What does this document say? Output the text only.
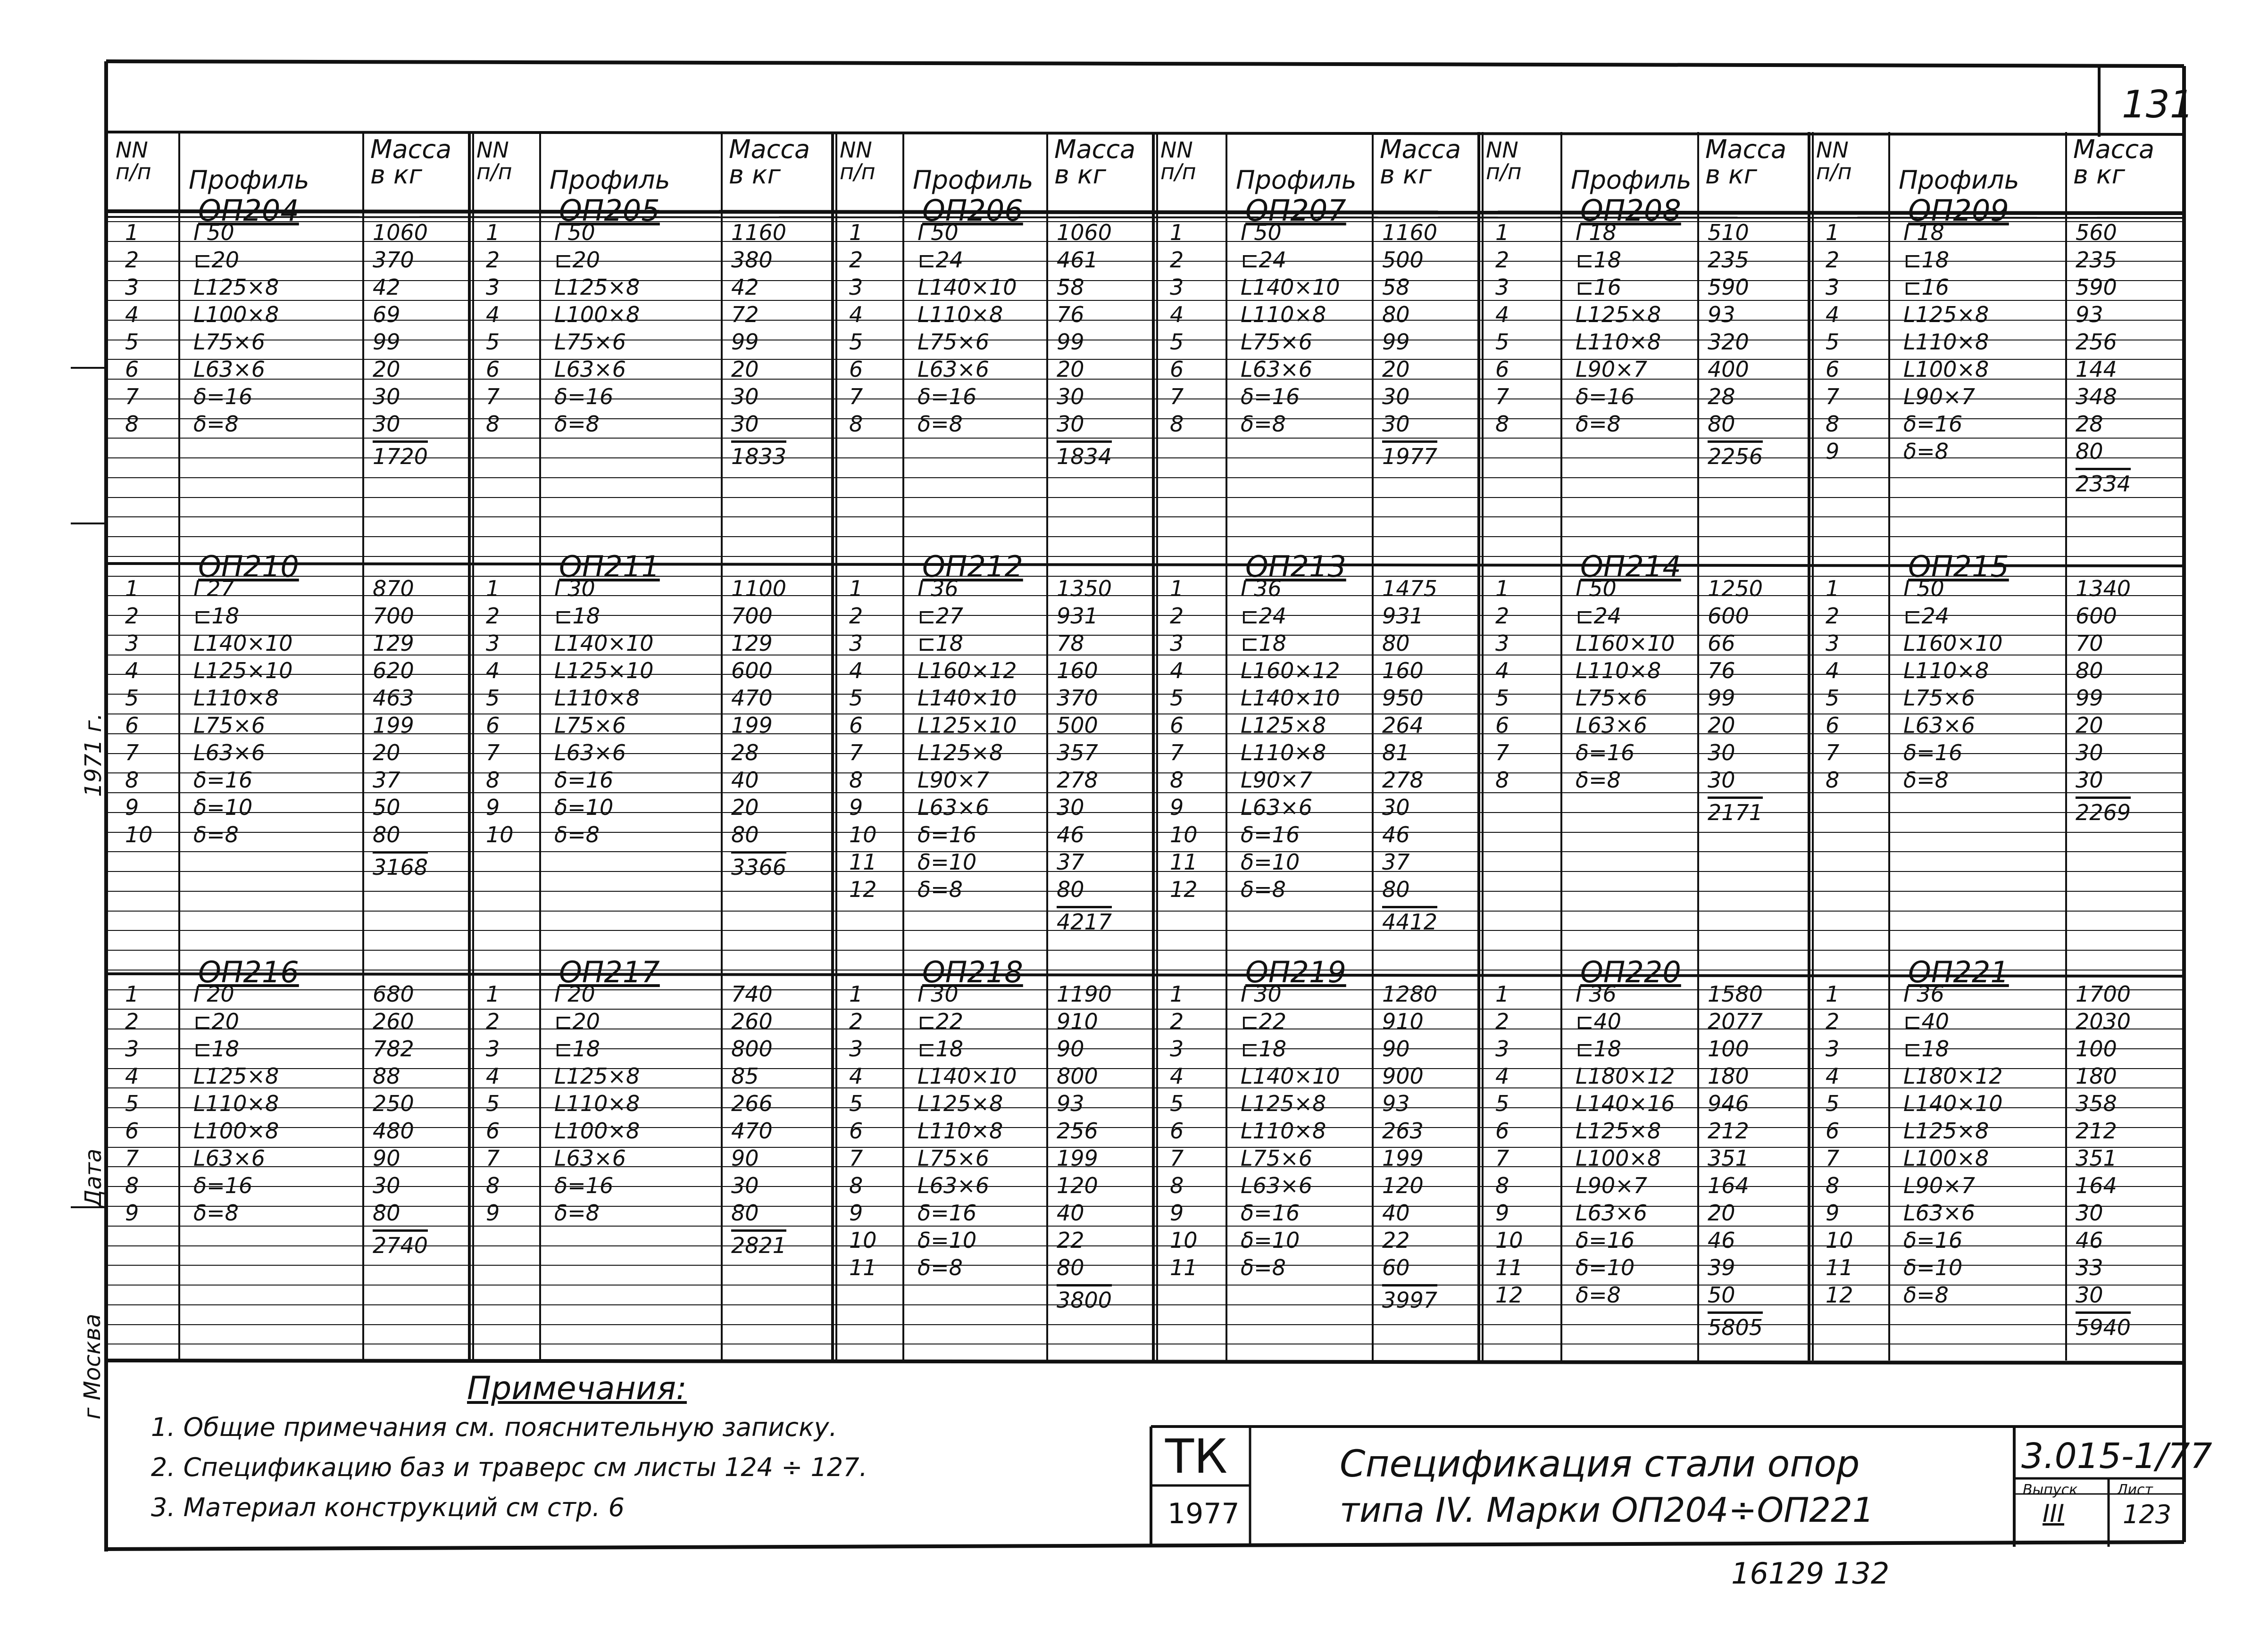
131
NN п/п	Профиль
Масса в кг
NN п/п	Профиль
Масса в кг
NN п/п	Профиль
Масса в кг
NN п/п	Профиль
Масса в кг
NN п/п	Профиль
Масса в кг
NN п/п	Профиль
Масса в кг
ОП204
1	I 50	1060
2	⊏20	370
3	L125×8	42
4	L100×8	69
5	L75×6	99
6	L63×6	20
7	δ=16	30
8	δ=8	30
1720
ОП205
1	I 50	1160
2	⊏20	380
3	L125×8	42
4	L100×8	72
5	L75×6	99
6	L63×6	20
7	δ=16	30
8	δ=8	30
1833
ОП206
1	I 50	1060
2	⊏24	461
3	L140×10 58
4	L110×8 76
5	L75×6	99
6	L63×6	20
7	δ=16	30
8	δ=8	30
1834
ОП207
1	I 50	1160
2	⊏24	500
3	L140×10 58
4	L110×8	80
5	L75×6	99
6	L63×6	20
7	δ=16	30
8	δ=8	30
1977
ОП208
1	I 18	510
2	⊏18	235
3	⊏16	590
4	L125×8 93
5	L110×8 320
6	L90×7	400
7	δ=16	28
8	δ=8	80
2256
ОП209
1	I 18	560
2	⊏18	235
3	⊏16	590
4	L125×8	93
5	L110×8	256
6	L100×8	144
7	L90×7	348
8	δ=16	28
9	δ=8	80
2334
ОП210
1	I 27	870
2	⊏18	700
3	L140×10	129
4	L125×10	620
5	L110×8	463
6	L75×6	199
7	L63×6	20
8	δ=16	37
9	δ=10	50
10 δ=8	80
3168
ОП211
1	I 30	1100
2	⊏18	700
3	L140×10	129
4	L125×10	600
5	L110×8	470
6	L75×6	199
7	L63×6	28
8	δ=16	40
9	δ=10	20
10 δ=8	80
3366
ОП212
1	I 36	1350
2	⊏27	931
3	⊏18	78
4	L160×12 160
5	L140×10 370
6	L125×10 500
7	L125×8 357
8	L90×7	278
9	L63×6	30
10 δ=16	46
11 δ=10	37
12 δ=8	80
4217
ОП213
1	I 36	1475
2	⊏24	931
3	⊏18	80
4	L160×12 160
5	L140×10 950
6	L125×8	264
7	L110×8	81
8	L90×7	278
9	L63×6	30
10 δ=16	46
11 δ=10	37
12 δ=8	80
4412
ОП214
1	I 50	1250
2	⊏24	600
3	L160×10 66
4	L110×8 76
5	L75×6	99
6	L63×6	20
7	δ=16	30
8	δ=8	30
2171
ОП215
1	I 50	1340
2	⊏24	600
3	L160×10	70
4	L110×8	80
5	L75×6	99
6	L63×6	20
7	δ=16	30
8	δ=8	30
2269
ОП216
1	I 20	680
2	⊏20	260
3	⊏18	782
4	L125×8	88
5	L110×8	250
6	L100×8	480
7	L63×6	90
8	δ=16	30
9	δ=8	80
2740
ОП217
1	I 20	740
2	⊏20	260
3	⊏18	800
4	L125×8	85
5	L110×8	266
6	L100×8	470
7	L63×6	90
8	δ=16	30
9	δ=8	80
2821
ОП218
1	I 30	1190
2	⊏22	910
3	⊏18	90
4	L140×10 800
5	L125×8 93
6	L110×8 256
7	L75×6	199
8	L63×6	120
9	δ=16	40
10 δ=10	22
11 δ=8	80
3800
ОП219
1	I 30	1280
2	⊏22	910
3	⊏18	90
4	L140×10 900
5	L125×8	93
6	L110×8	263
7	L75×6	199
8	L63×6	120
9	δ=16	40
10 δ=10	22
11 δ=8	60
3997
ОП220
1	I 36	1580
2	⊏40	2077
3	⊏18	100
4	L180×12 180
5	L140×16 946
6	L125×8 212
7	L100×8 351
8	L90×7	164
9	L63×6	20
10 δ=16	46
11 δ=10	39
12 δ=8	50
5805
ОП221
1	I 36	1700
2	⊏40	2030
3	⊏18	100
4	L180×12	180
5	L140×10	358
6	L125×8	212
7	L100×8	351
8	L90×7	164
9	L63×6	30
10 δ=16	46
11 δ=10	33
12 δ=8	30
5940
Примечания:
1. Общие примечания см. пояснительную записку.
2. Спецификацию баз и траверс см листы 124 ÷ 127.
3. Материал конструкций см стр. 6
ТК
1977
Спецификация стали опор
типа IV. Марки ОП204÷ОП221
3.015-1/77
Выпуск	Лист
III 123
1971 г.
Дата
г Москва
16129 132
